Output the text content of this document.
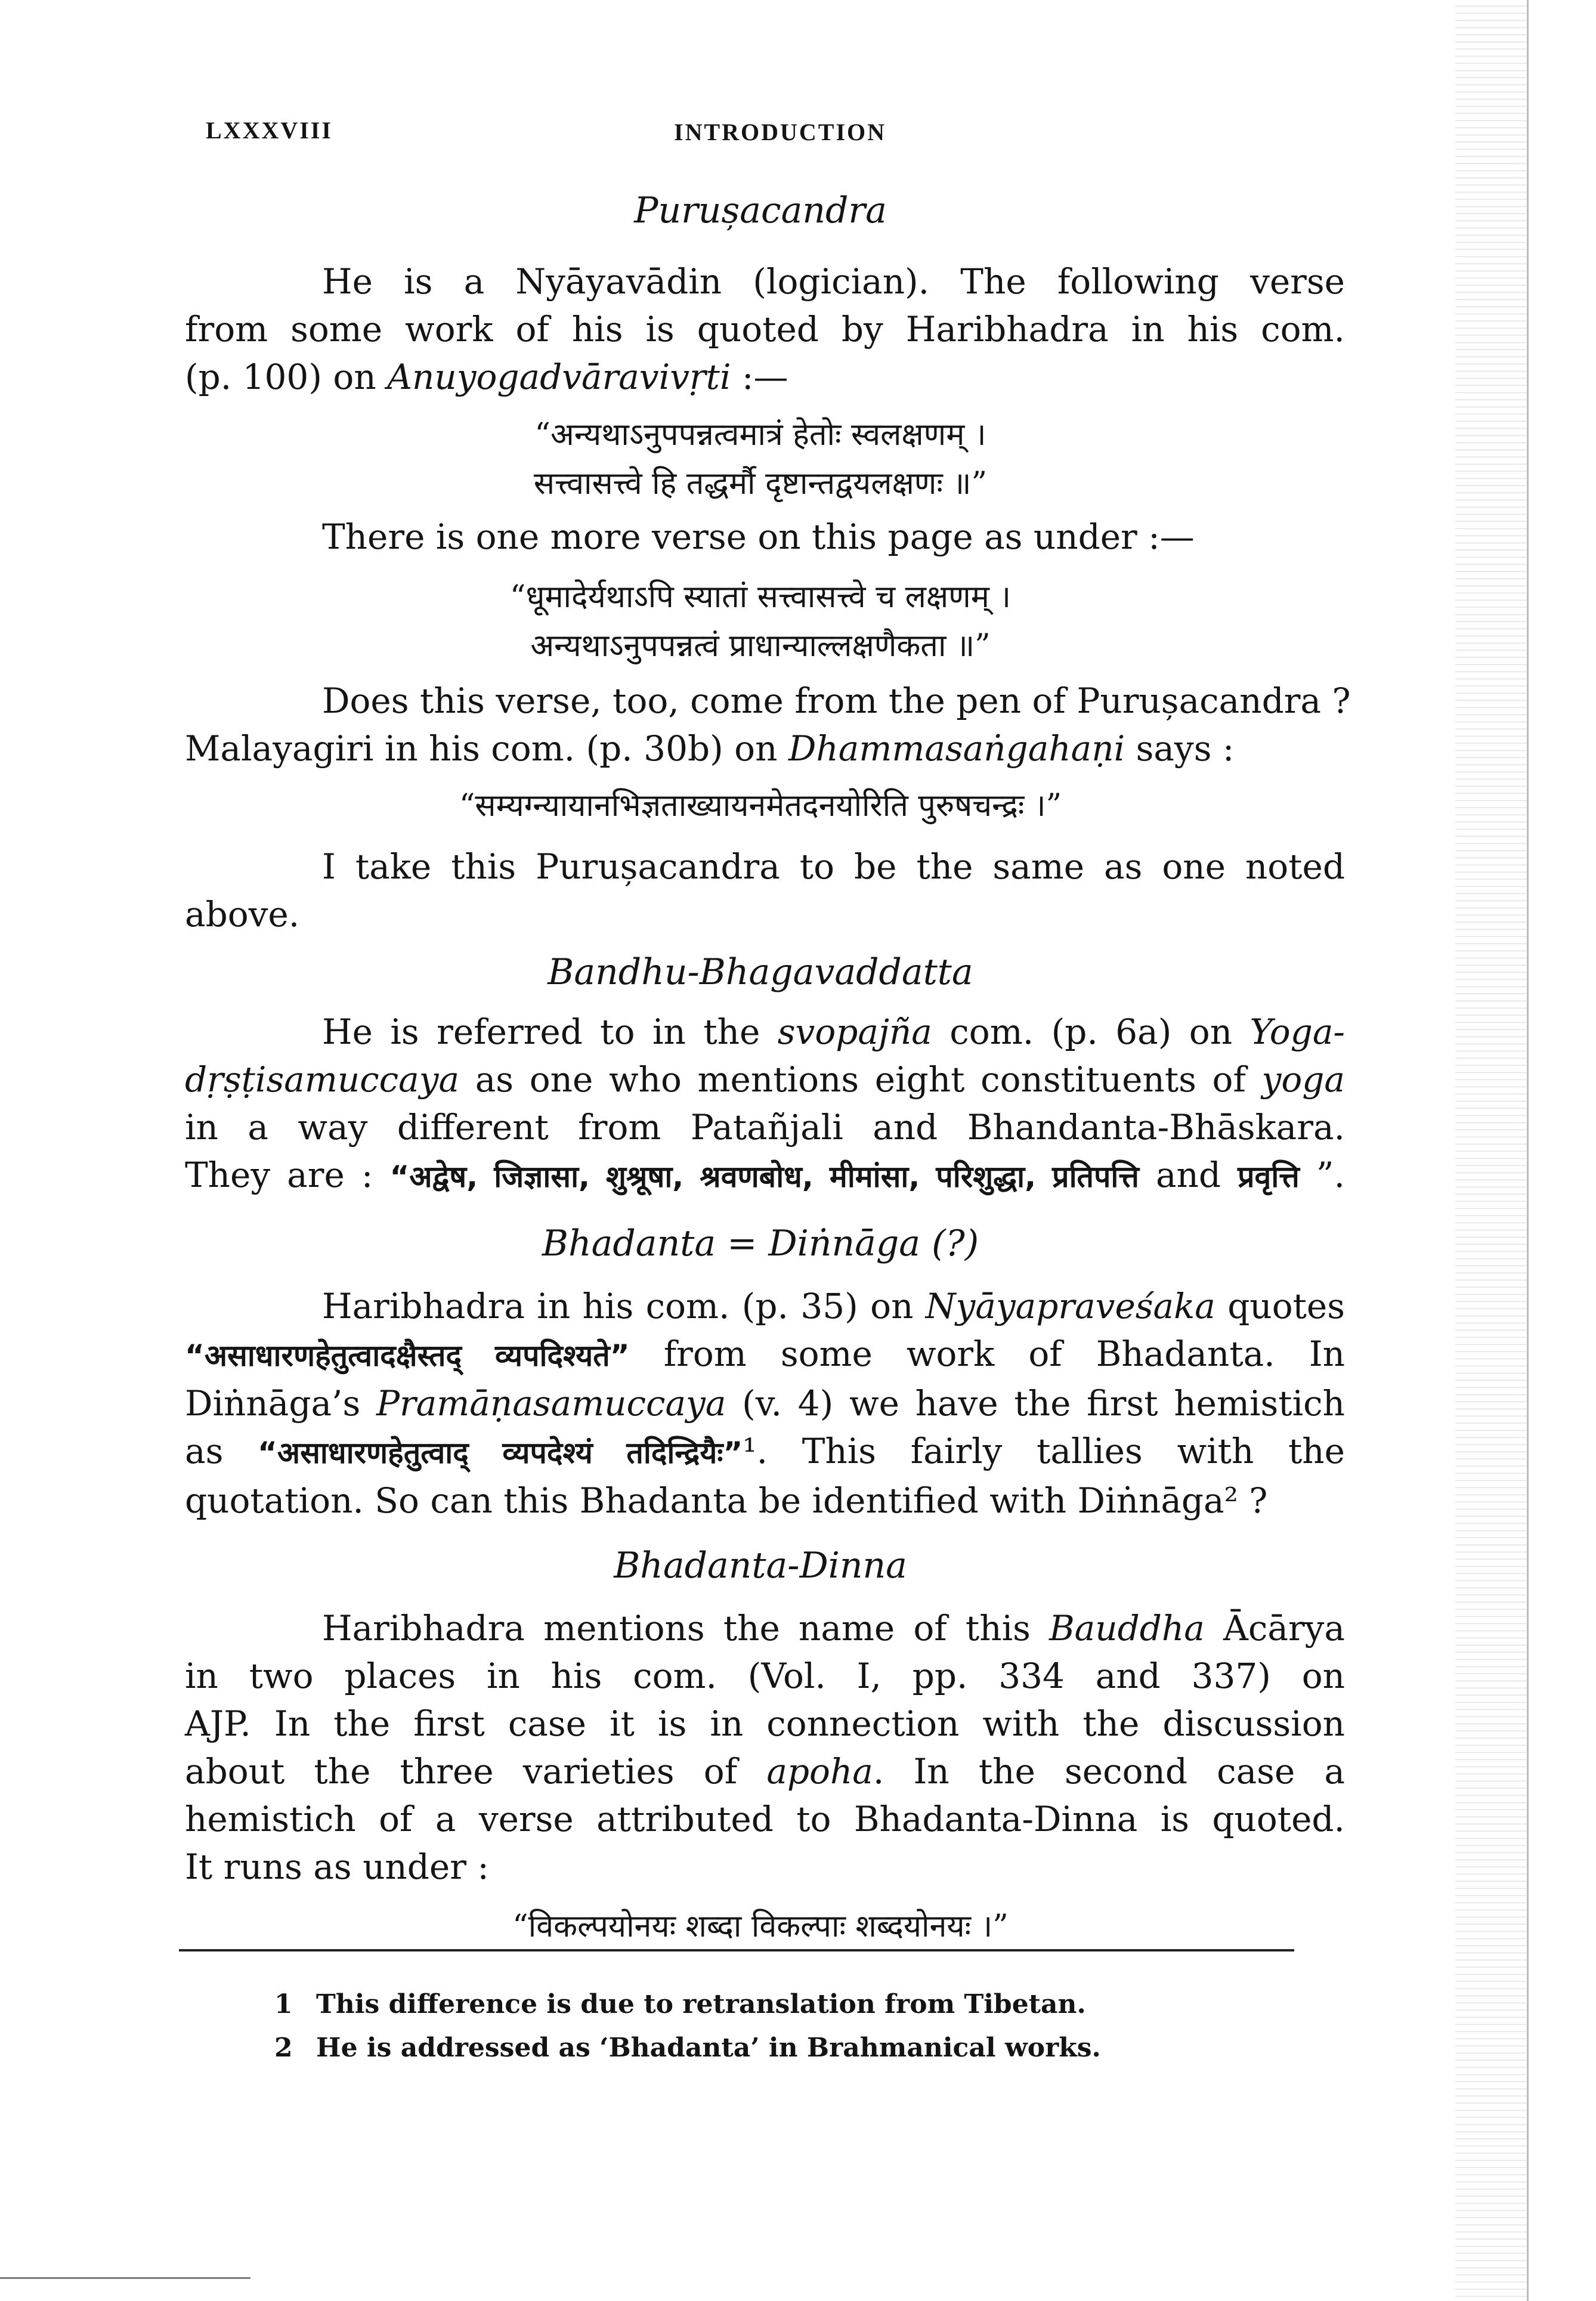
LXXXVIII	INTRODUCTION
Purușacandra
He is a Nyāyavādin (logician). The following verse
from some work of his is quoted by Haribhadra in his com.
(p. 100) on Anuyogadvāravivṛti :—
“अन्यथाऽनुपपन्नत्वमात्रं हेतोः स्वलक्षणम् ।
सत्त्वासत्त्वे हि तद्धर्मौ दृष्टान्तद्वयलक्षणः ॥”
There is one more verse on this page as under :—
“धूमादेर्यथाऽपि स्यातां सत्त्वासत्त्वे च लक्षणम् ।
अन्यथाऽनुपपन्नत्वं प्राधान्याल्लक्षणैकता ॥”
Does this verse, too, come from the pen of Purușacandra ?
Malayagiri in his com. (p. 30b) on Dhammasaṅgahaṇi says :
“सम्यग्न्यायानभिज्ञताख्यायनमेतदनयोरिति पुरुषचन्द्रः ।”
I take this Purușacandra to be the same as one noted
above.
Bandhu-Bhagavaddatta
He is referred to in the svopajña com. (p. 6a) on Yoga-
dṛṣṭisamuccaya as one who mentions eight constituents of yoga
in a way different from Patañjali and Bhandanta-Bhāskara.
They are : “अद्वेष, जिज्ञासा, शुश्रूषा, श्रवणबोध, मीमांसा, परिशुद्धा, प्रतिपत्ति and प्रवृत्ति ”.
Bhadanta = Diṅnāga (?)
Haribhadra in his com. (p. 35) on Nyāyapraveśaka quotes
“असाधारणहेतुत्वादक्षैस्तद् व्यपदिश्यते” from some work of Bhadanta. In
Diṅnāga’s Pramāṇasamuccaya (v. 4) we have the first hemistich
as “असाधारणहेतुत्वाद् व्यपदेश्यं तदिन्द्रियैः”¹. This fairly tallies with the
quotation. So can this Bhadanta be identified with Diṅnāga² ?
Bhadanta-Dinna
Haribhadra mentions the name of this Bauddha Ācārya
in two places in his com. (Vol. I, pp. 334 and 337) on
AJP. In the first case it is in connection with the discussion
about the three varieties of apoha. In the second case a
hemistich of a verse attributed to Bhadanta-Dinna is quoted.
It runs as under :
“विकल्पयोनयः शब्दा विकल्पाः शब्दयोनयः ।”
1 This difference is due to retranslation from Tibetan.
2 He is addressed as ‘Bhadanta’ in Brahmanical works.
